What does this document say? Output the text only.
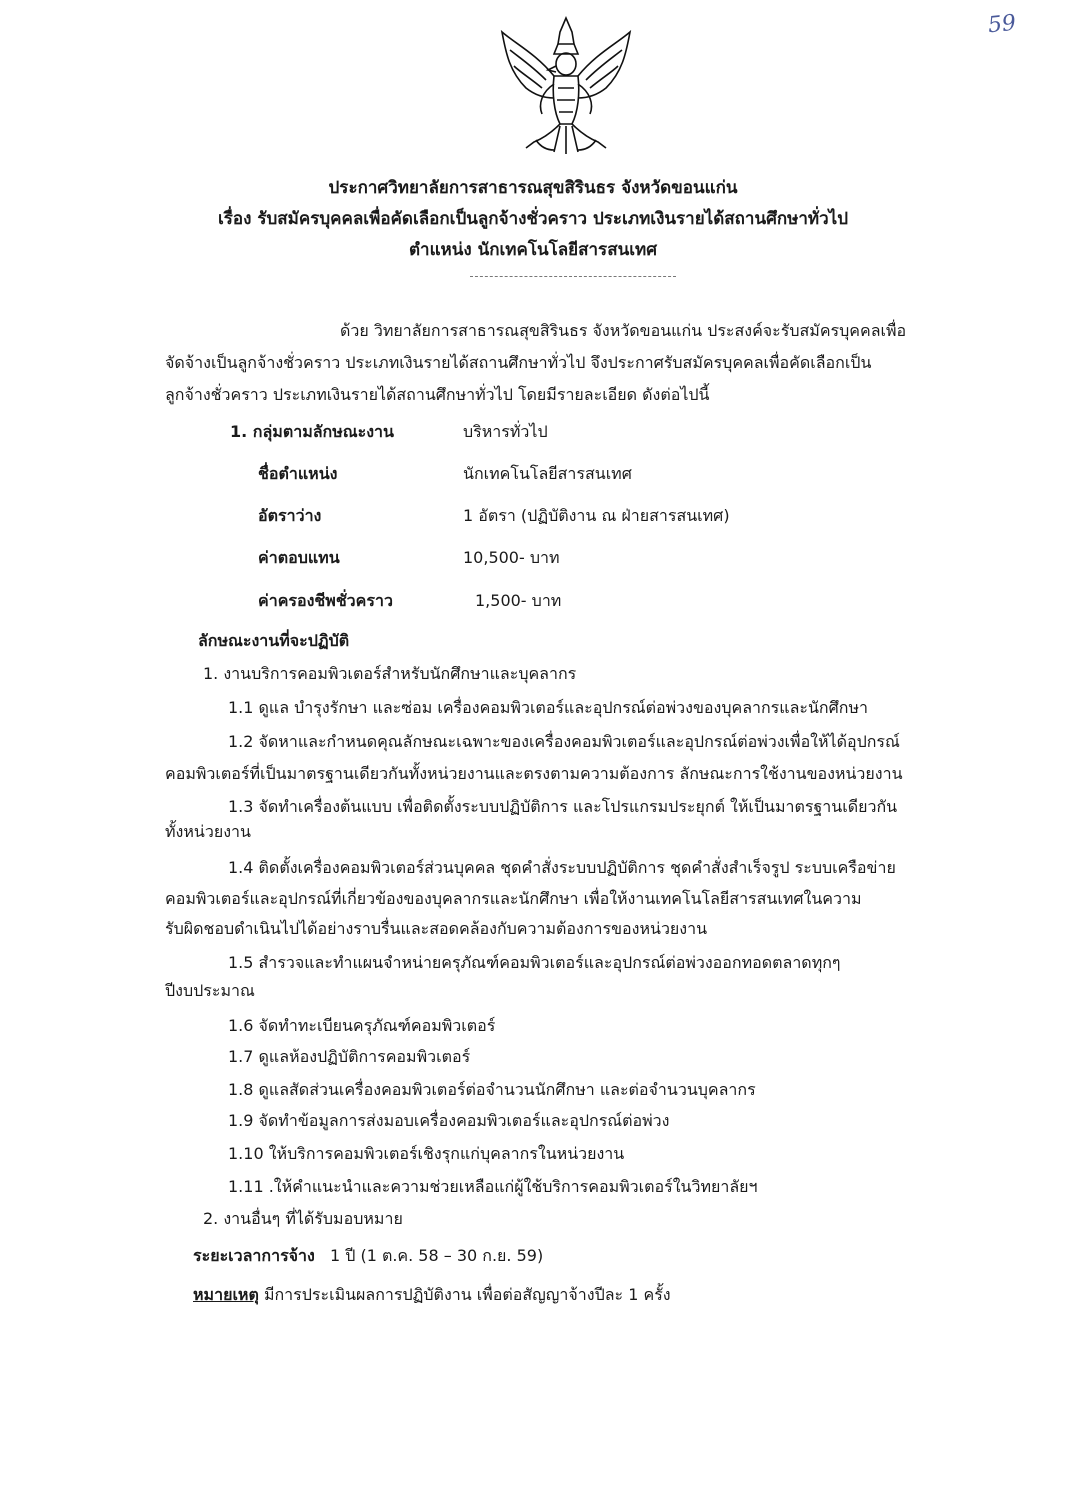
59
ประกาศวิทยาลัยการสาธารณสุขสิรินธร จังหวัดขอนแก่น
เรื่อง รับสมัครบุคคลเพื่อคัดเลือกเป็นลูกจ้างชั่วคราว ประเภทเงินรายได้สถานศึกษาทั่วไป
ตำแหน่ง นักเทคโนโลยีสารสนเทศ
ด้วย วิทยาลัยการสาธารณสุขสิรินธร จังหวัดขอนแก่น ประสงค์จะรับสมัครบุคคลเพื่อ
จัดจ้างเป็นลูกจ้างชั่วคราว ประเภทเงินรายได้สถานศึกษาทั่วไป จึงประกาศรับสมัครบุคคลเพื่อคัดเลือกเป็น
ลูกจ้างชั่วคราว ประเภทเงินรายได้สถานศึกษาทั่วไป โดยมีรายละเอียด ดังต่อไปนี้
1. กลุ่มตามลักษณะงาน	บริหารทั่วไป
ชื่อตำแหน่ง	นักเทคโนโลยีสารสนเทศ
อัตราว่าง	1 อัตรา (ปฏิบัติงาน ณ ฝ่ายสารสนเทศ)
ค่าตอบแทน	10,500- บาท
ค่าครองชีพชั่วคราว	1,500- บาท
ลักษณะงานที่จะปฏิบัติ
1. งานบริการคอมพิวเตอร์สำหรับนักศึกษาและบุคลากร
1.1 ดูแล บำรุงรักษา และซ่อม เครื่องคอมพิวเตอร์และอุปกรณ์ต่อพ่วงของบุคลากรและนักศึกษา
1.2 จัดหาและกำหนดคุณลักษณะเฉพาะของเครื่องคอมพิวเตอร์และอุปกรณ์ต่อพ่วงเพื่อให้ได้อุปกรณ์
คอมพิวเตอร์ที่เป็นมาตรฐานเดียวกันทั้งหน่วยงานและตรงตามความต้องการ ลักษณะการใช้งานของหน่วยงาน
1.3 จัดทำเครื่องต้นแบบ เพื่อติดตั้งระบบปฏิบัติการ และโปรแกรมประยุกต์ ให้เป็นมาตรฐานเดียวกัน
ทั้งหน่วยงาน
1.4 ติดตั้งเครื่องคอมพิวเตอร์ส่วนบุคคล ชุดคำสั่งระบบปฏิบัติการ ชุดคำสั่งสำเร็จรูป ระบบเครือข่าย
คอมพิวเตอร์และอุปกรณ์ที่เกี่ยวข้องของบุคลากรและนักศึกษา เพื่อให้งานเทคโนโลยีสารสนเทศในความ
รับผิดชอบดำเนินไปได้อย่างราบรื่นและสอดคล้องกับความต้องการของหน่วยงาน
1.5 สำรวจและทำแผนจำหน่ายครุภัณฑ์คอมพิวเตอร์และอุปกรณ์ต่อพ่วงออกทอดตลาดทุกๆ
ปีงบประมาณ
1.6 จัดทำทะเบียนครุภัณฑ์คอมพิวเตอร์
1.7 ดูแลห้องปฏิบัติการคอมพิวเตอร์
1.8 ดูแลสัดส่วนเครื่องคอมพิวเตอร์ต่อจำนวนนักศึกษา และต่อจำนวนบุคลากร
1.9 จัดทำข้อมูลการส่งมอบเครื่องคอมพิวเตอร์และอุปกรณ์ต่อพ่วง
1.10 ให้บริการคอมพิวเตอร์เชิงรุกแก่บุคลากรในหน่วยงาน
1.11 .ให้คำแนะนำและความช่วยเหลือแก่ผู้ใช้บริการคอมพิวเตอร์ในวิทยาลัยฯ
2. งานอื่นๆ ที่ได้รับมอบหมาย
ระยะเวลาการจ้าง 1 ปี (1 ต.ค. 58 – 30 ก.ย. 59)
หมายเหตุ มีการประเมินผลการปฏิบัติงาน เพื่อต่อสัญญาจ้างปีละ 1 ครั้ง
